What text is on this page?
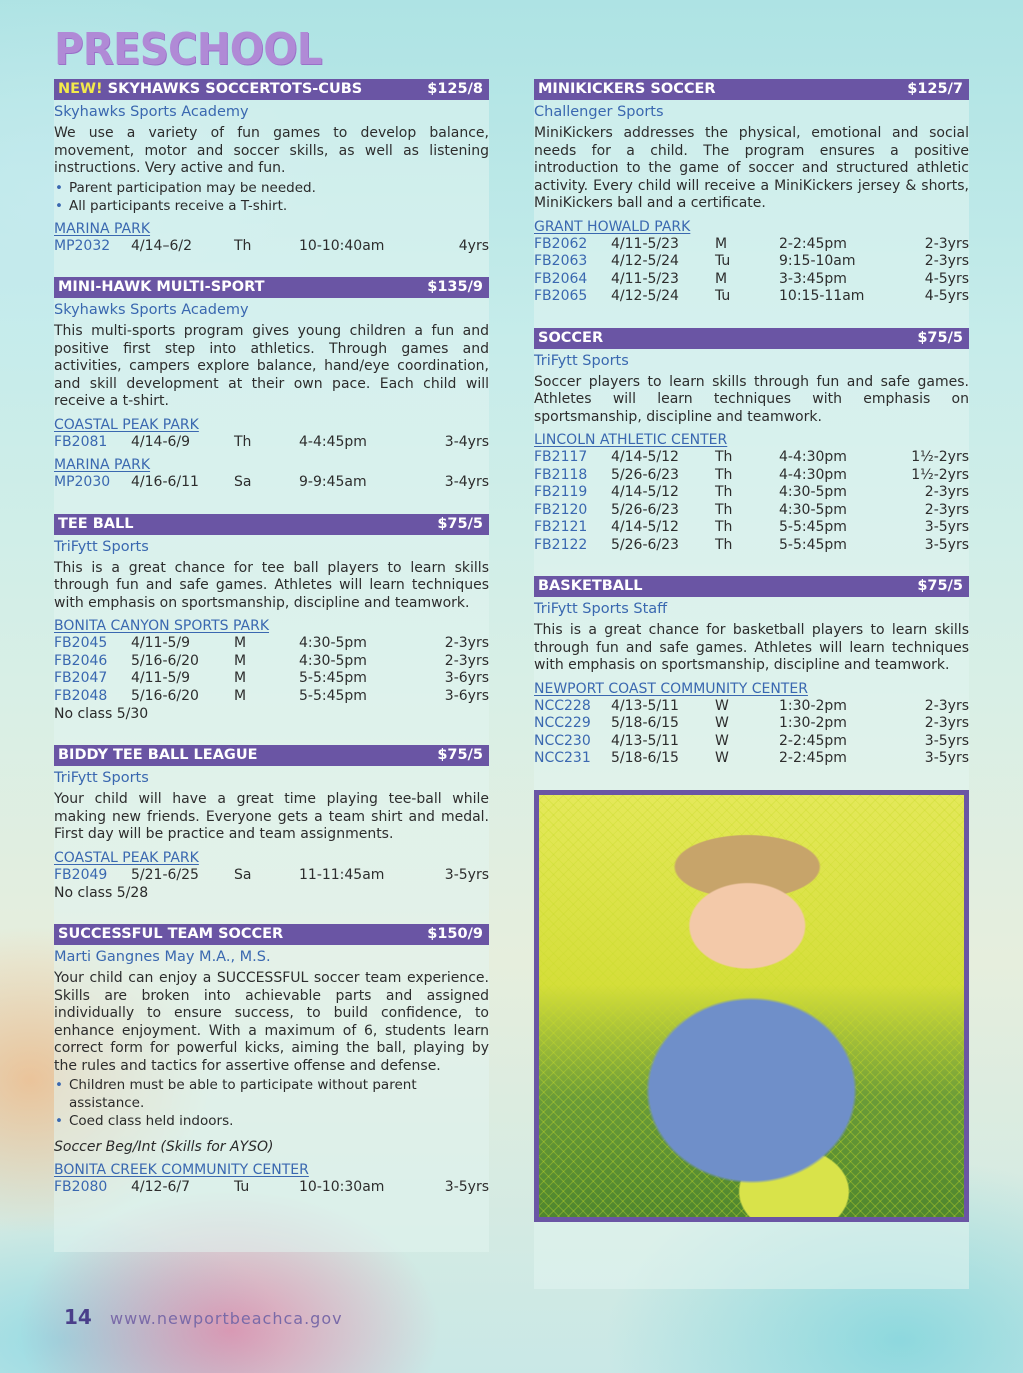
PRESCHOOL
NEW! SKYHAWKS SOCCERTOTS-CUBS	$125/8
Skyhawks Sports Academy
We use a variety of fun games to develop balance, movement, motor and soccer skills, as well as listening instructions. Very active and fun.
• Parent participation may be needed.
• All participants receive a T-shirt.
MARINA PARK
MP2032	4/14–6/2	Th	10-10:40am	4yrs
MINI-HAWK MULTI-SPORT	$135/9
Skyhawks Sports Academy
This multi-sports program gives young children a fun and positive first step into athletics. Through games and activities, campers explore balance, hand/eye coordination, and skill development at their own pace. Each child will receive a t-shirt.
COASTAL PEAK PARK
FB2081	4/14-6/9	Th	4-4:45pm	3-4yrs
MARINA PARK
MP2030	4/16-6/11	Sa	9-9:45am	3-4yrs
TEE BALL	$75/5
TriFytt Sports
This is a great chance for tee ball players to learn skills through fun and safe games. Athletes will learn techniques with emphasis on sportsmanship, discipline and teamwork.
BONITA CANYON SPORTS PARK
FB2045	4/11-5/9	M	4:30-5pm	2-3yrs
FB2046	5/16-6/20	M	4:30-5pm	2-3yrs
FB2047	4/11-5/9	M	5-5:45pm	3-6yrs
FB2048	5/16-6/20	M	5-5:45pm	3-6yrs
No class 5/30
BIDDY TEE BALL LEAGUE	$75/5
TriFytt Sports
Your child will have a great time playing tee-ball while making new friends. Everyone gets a team shirt and medal. First day will be practice and team assignments.
COASTAL PEAK PARK
FB2049	5/21-6/25	Sa	11-11:45am	3-5yrs
No class 5/28
SUCCESSFUL TEAM SOCCER	$150/9
Marti Gangnes May M.A., M.S.
Your child can enjoy a SUCCESSFUL soccer team experience. Skills are broken into achievable parts and assigned individually to ensure success, to build confidence, to enhance enjoyment. With a maximum of 6, students learn correct form for powerful kicks, aiming the ball, playing by the rules and tactics for assertive offense and defense.
• Children must be able to participate without parent assistance.
• Coed class held indoors.
Soccer Beg/Int (Skills for AYSO)
BONITA CREEK COMMUNITY CENTER
FB2080	4/12-6/7	Tu	10-10:30am	3-5yrs
MINIKICKERS SOCCER	$125/7
Challenger Sports
MiniKickers addresses the physical, emotional and social needs for a child. The program ensures a positive introduction to the game of soccer and structured athletic activity. Every child will receive a MiniKickers jersey & shorts, MiniKickers ball and a certificate.
GRANT HOWALD PARK
FB2062	4/11-5/23	M	2-2:45pm	2-3yrs
FB2063	4/12-5/24	Tu	9:15-10am	2-3yrs
FB2064	4/11-5/23	M	3-3:45pm	4-5yrs
FB2065	4/12-5/24	Tu	10:15-11am	4-5yrs
SOCCER	$75/5
TriFytt Sports
Soccer players to learn skills through fun and safe games. Athletes will learn techniques with emphasis on sportsmanship, discipline and teamwork.
LINCOLN ATHLETIC CENTER
FB2117	4/14-5/12	Th	4-4:30pm	1½-2yrs
FB2118	5/26-6/23	Th	4-4:30pm	1½-2yrs
FB2119	4/14-5/12	Th	4:30-5pm	2-3yrs
FB2120	5/26-6/23	Th	4:30-5pm	2-3yrs
FB2121	4/14-5/12	Th	5-5:45pm	3-5yrs
FB2122	5/26-6/23	Th	5-5:45pm	3-5yrs
BASKETBALL	$75/5
TriFytt Sports Staff
This is a great chance for basketball players to learn skills through fun and safe games. Athletes will learn techniques with emphasis on sportsmanship, discipline and teamwork.
NEWPORT COAST COMMUNITY CENTER
NCC228	4/13-5/11	W	1:30-2pm	2-3yrs
NCC229	5/18-6/15	W	1:30-2pm	2-3yrs
NCC230	4/13-5/11	W	2-2:45pm	3-5yrs
NCC231	5/18-6/15	W	2-2:45pm	3-5yrs
14 www.newportbeachca.gov
